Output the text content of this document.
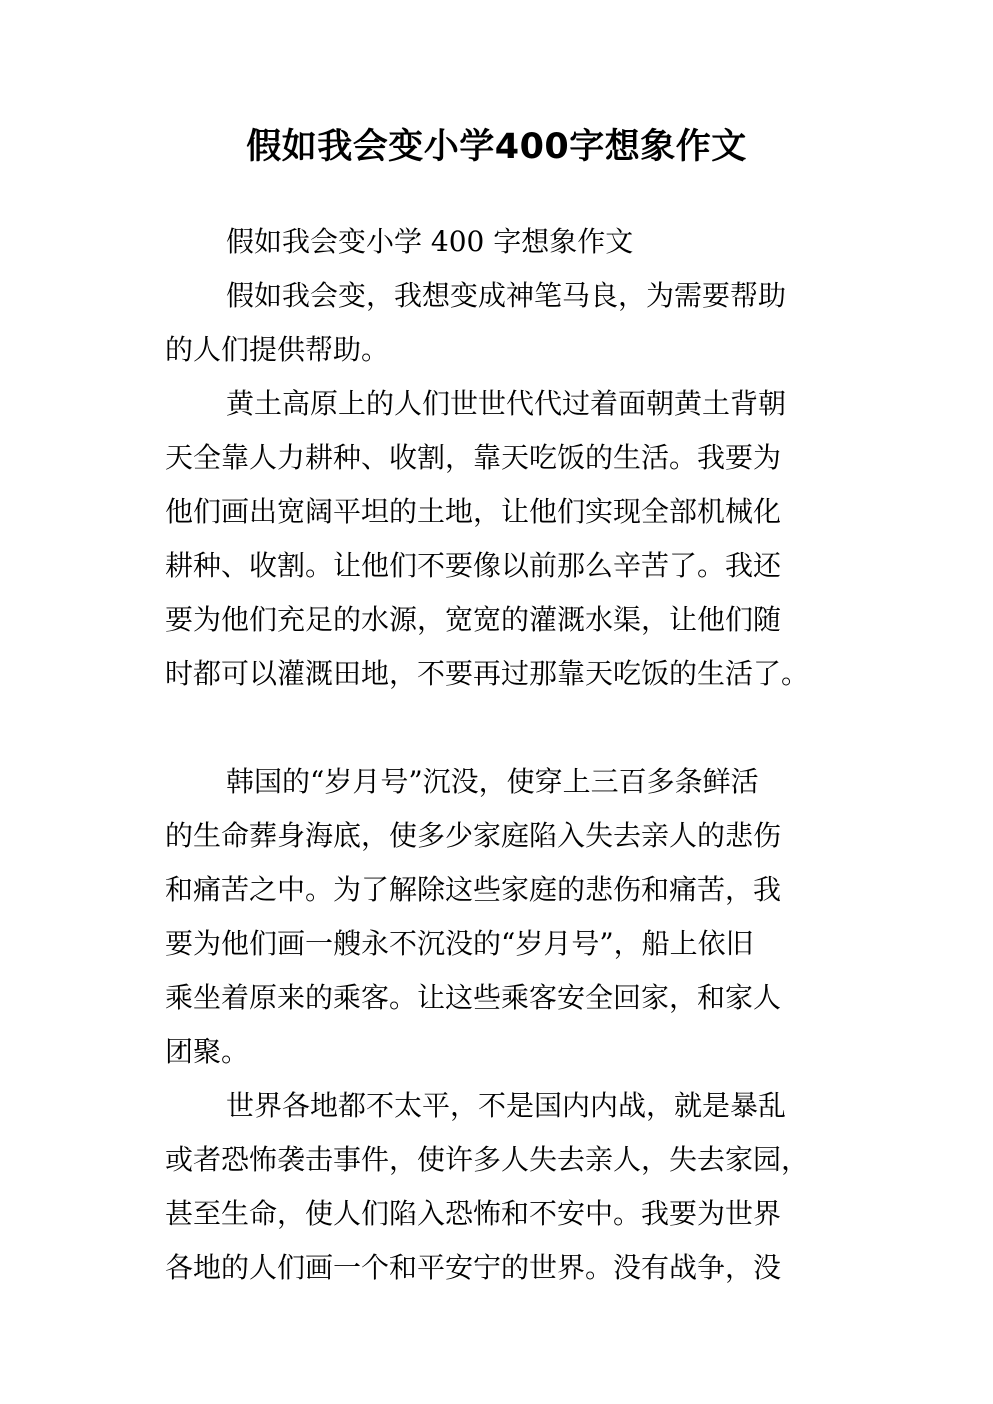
假如我会变小学400字想象作文
假如我会变小学 400 字想象作文
假如我会变，我想变成神笔马良，为需要帮助
的人们提供帮助。
黄土高原上的人们世世代代过着面朝黄土背朝
天全靠人力耕种、收割，靠天吃饭的生活。我要为
他们画出宽阔平坦的土地，让他们实现全部机械化
耕种、收割。让他们不要像以前那么辛苦了。我还
要为他们充足的水源，宽宽的灌溉水渠，让他们随
时都可以灌溉田地，不要再过那靠天吃饭的生活了。
韩国的“岁月号”沉没，使穿上三百多条鲜活
的生命葬身海底，使多少家庭陷入失去亲人的悲伤
和痛苦之中。为了解除这些家庭的悲伤和痛苦，我
要为他们画一艘永不沉没的“岁月号”，船上依旧
乘坐着原来的乘客。让这些乘客安全回家，和家人
团聚。
世界各地都不太平，不是国内内战，就是暴乱
或者恐怖袭击事件，使许多人失去亲人，失去家园，
甚至生命，使人们陷入恐怖和不安中。我要为世界
各地的人们画一个和平安宁的世界。没有战争，没
